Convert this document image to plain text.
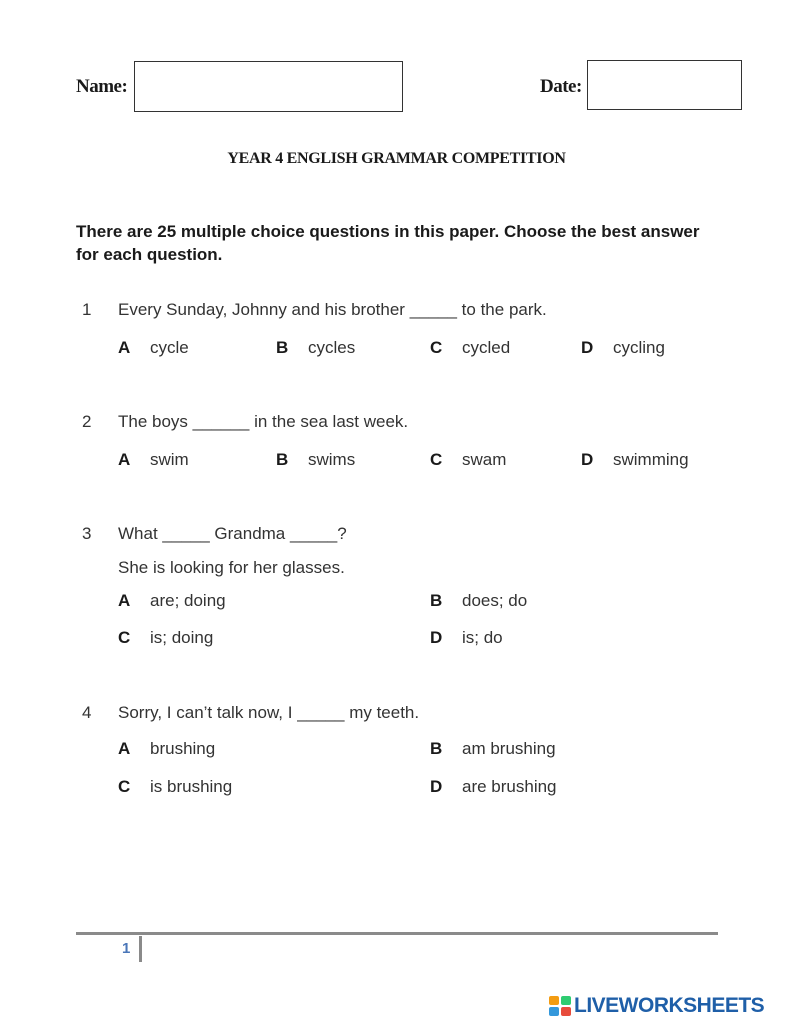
Name:	Date:
YEAR 4 ENGLISH GRAMMAR COMPETITION
There are 25 multiple choice questions in this paper. Choose the best answer for each question.
1 Every Sunday, Johnny and his brother _____ to the park.
A cycle	B cycles	C cycled	D cycling
2 The boys ______ in the sea last week.
A swim	B swims	C swam	D swimming
3 What _____ Grandma _____?
She is looking for her glasses.
A are; doing	B does; do
C is; doing	D is; do
4 Sorry, I can’t talk now, I _____ my teeth.
A brushing	B am brushing
C is brushing	D are brushing
1
LIVEWORKSHEETS
